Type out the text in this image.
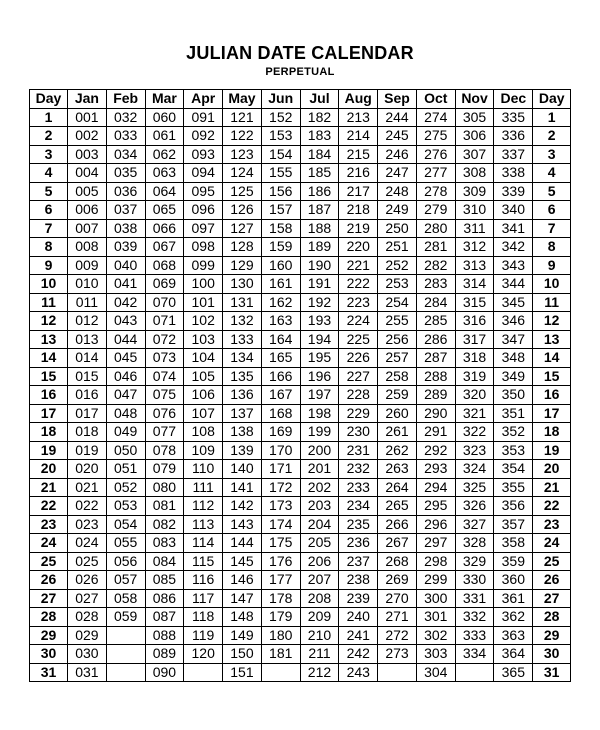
JULIAN DATE CALENDAR
PERPETUAL
Day	Jan	Feb	Mar	Apr	May	Jun	Jul	Aug	Sep	Oct	Nov	Dec	Day
1	001	032	060	091	121	152	182	213	244	274	305	335	1
2	002	033	061	092	122	153	183	214	245	275	306	336	2
3	003	034	062	093	123	154	184	215	246	276	307	337	3
4	004	035	063	094	124	155	185	216	247	277	308	338	4
5	005	036	064	095	125	156	186	217	248	278	309	339	5
6	006	037	065	096	126	157	187	218	249	279	310	340	6
7	007	038	066	097	127	158	188	219	250	280	311	341	7
8	008	039	067	098	128	159	189	220	251	281	312	342	8
9	009	040	068	099	129	160	190	221	252	282	313	343	9
10	010	041	069	100	130	161	191	222	253	283	314	344	10
11	011	042	070	101	131	162	192	223	254	284	315	345	11
12	012	043	071	102	132	163	193	224	255	285	316	346	12
13	013	044	072	103	133	164	194	225	256	286	317	347	13
14	014	045	073	104	134	165	195	226	257	287	318	348	14
15	015	046	074	105	135	166	196	227	258	288	319	349	15
16	016	047	075	106	136	167	197	228	259	289	320	350	16
17	017	048	076	107	137	168	198	229	260	290	321	351	17
18	018	049	077	108	138	169	199	230	261	291	322	352	18
19	019	050	078	109	139	170	200	231	262	292	323	353	19
20	020	051	079	110	140	171	201	232	263	293	324	354	20
21	021	052	080	111	141	172	202	233	264	294	325	355	21
22	022	053	081	112	142	173	203	234	265	295	326	356	22
23	023	054	082	113	143	174	204	235	266	296	327	357	23
24	024	055	083	114	144	175	205	236	267	297	328	358	24
25	025	056	084	115	145	176	206	237	268	298	329	359	25
26	026	057	085	116	146	177	207	238	269	299	330	360	26
27	027	058	086	117	147	178	208	239	270	300	331	361	27
28	028	059	087	118	148	179	209	240	271	301	332	362	28
29	029		088	119	149	180	210	241	272	302	333	363	29
30	030		089	120	150	181	211	242	273	303	334	364	30
31	031		090		151		212	243		304		365	31
